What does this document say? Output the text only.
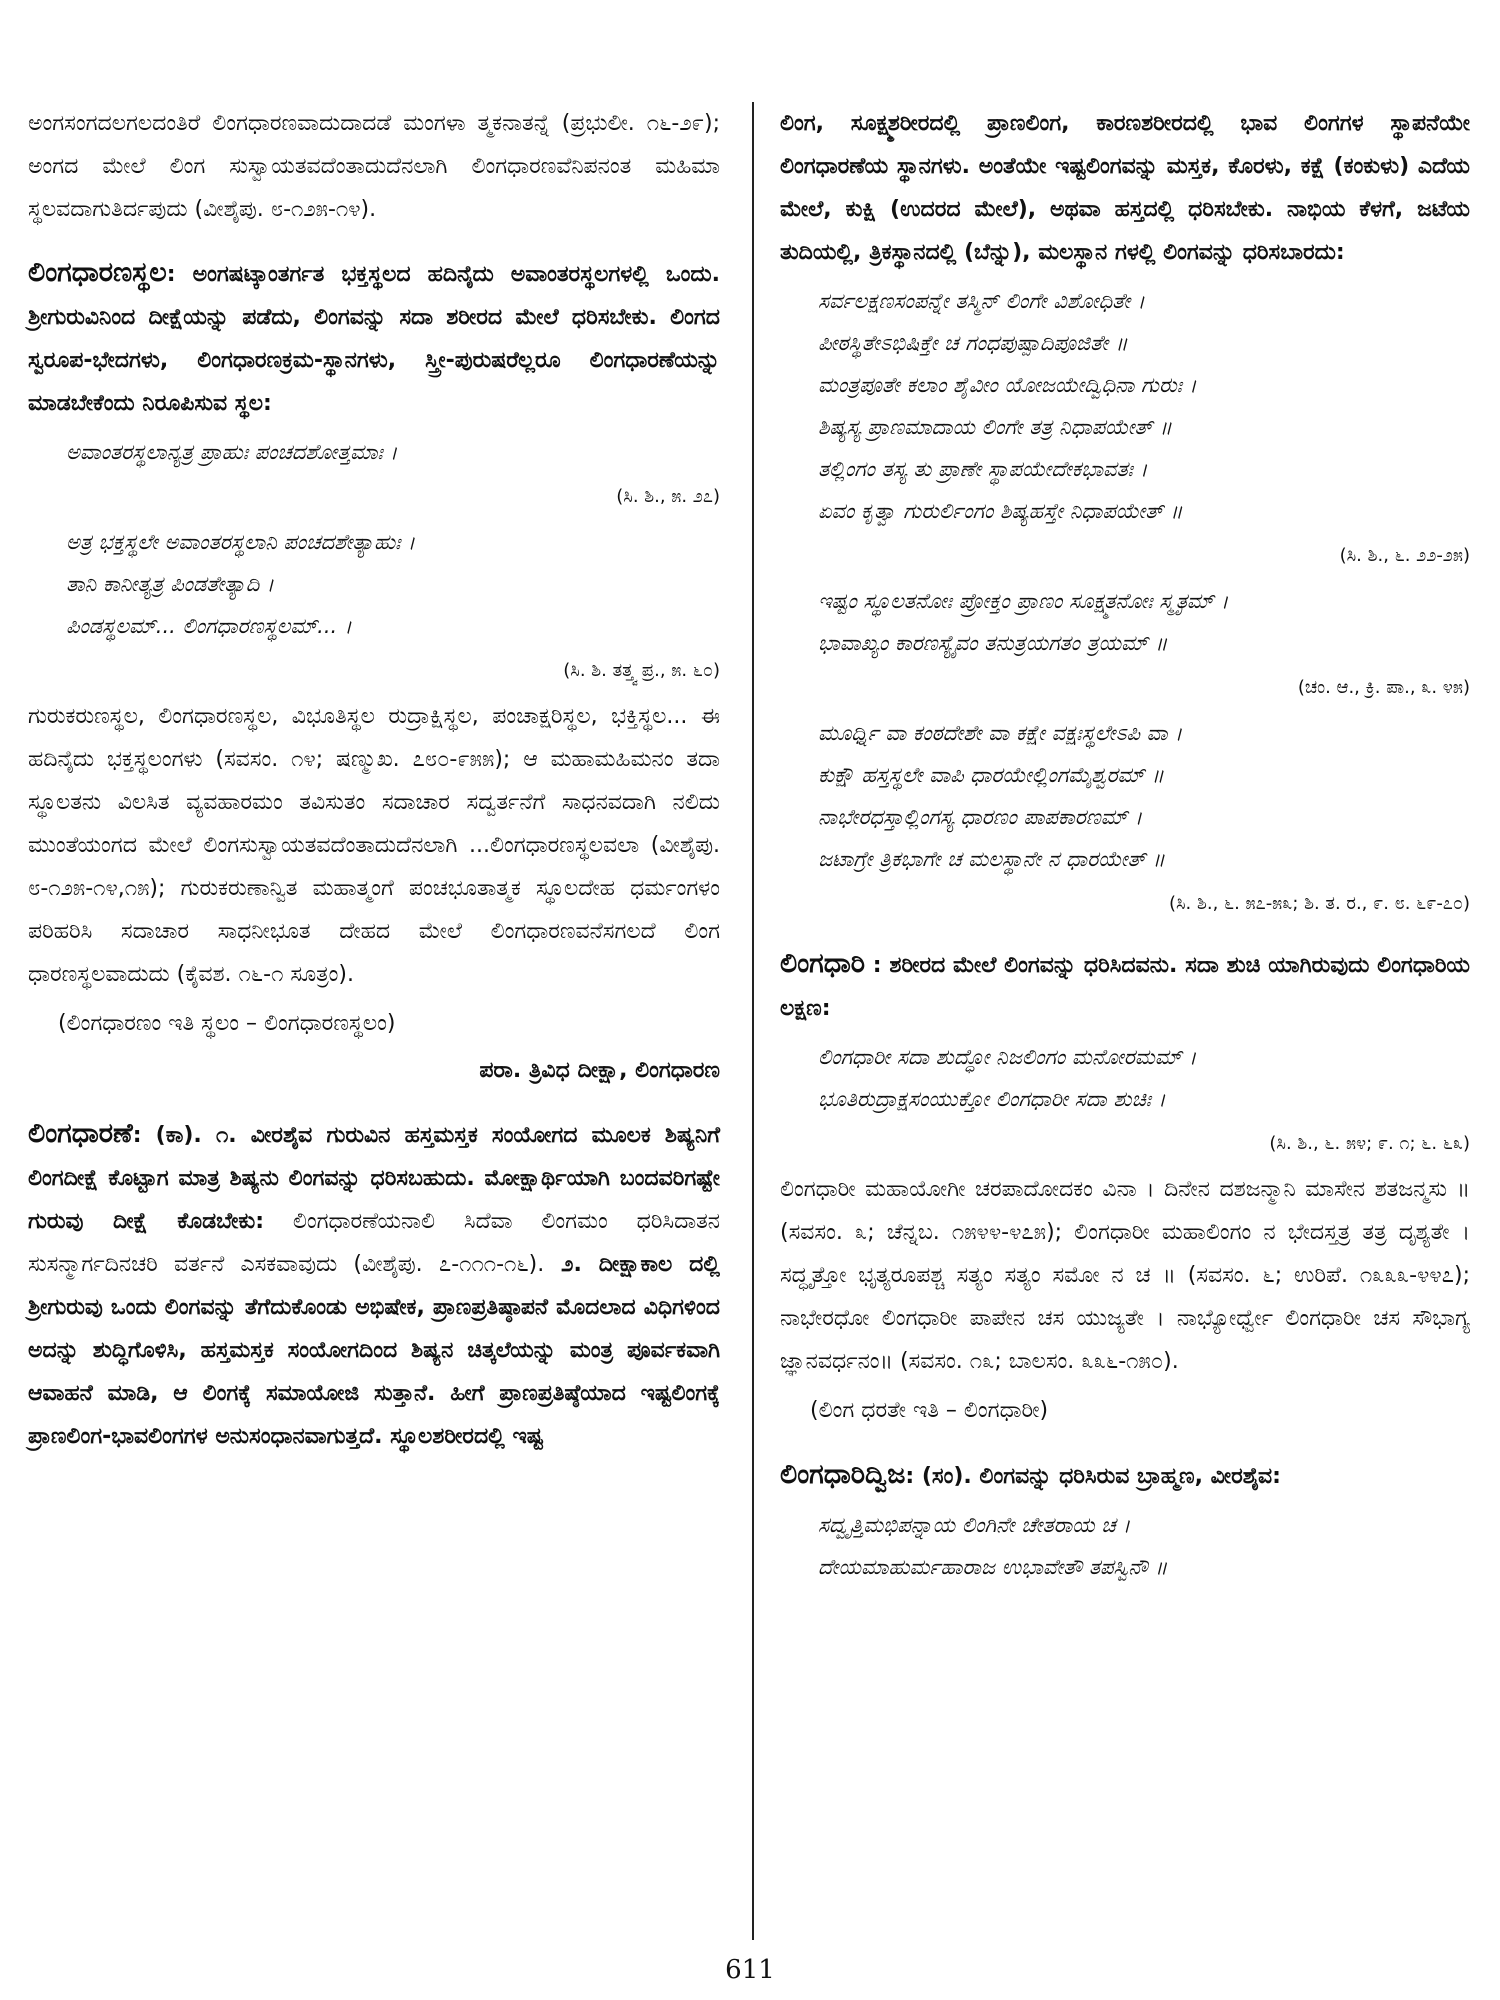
ಅಂಗಸಂಗದಲಗಲದಂತಿರೆ ಲಿಂಗಧಾರಣವಾದುದಾದಡೆ ಮಂಗಳಾ ತ್ಮಕನಾತನ್ನೆ (ಪ್ರಭುಲೀ. ೧೬-೨೯); ಅಂಗದ ಮೇಲೆ ಲಿಂಗ ಸುಸ್ವಾಯತವದೆಂತಾದುದೆನಲಾಗಿ ಲಿಂಗಧಾರಣವೆನಿಪನಂತ ಮಹಿಮಾ ಸ್ಥಲವದಾಗುತಿರ್ದಪುದು (ವೀಶೈಪು. ೮-೧೨೫-೧೪).

ಲಿಂಗಧಾರಣಸ್ಥಲ: ಅಂಗಷಟ್ಕಾಂತರ್ಗತ ಭಕ್ತಸ್ಥಲದ ಹದಿನೈದು ಅವಾಂತರಸ್ಥಲಗಳಲ್ಲಿ ಒಂದು. ಶ್ರೀಗುರುವಿನಿಂದ ದೀಕ್ಷೆಯನ್ನು ಪಡೆದು, ಲಿಂಗವನ್ನು ಸದಾ ಶರೀರದ ಮೇಲೆ ಧರಿಸಬೇಕು. ಲಿಂಗದ ಸ್ವರೂಪ-ಭೇದಗಳು, ಲಿಂಗಧಾರಣಕ್ರಮ-ಸ್ಥಾನಗಳು, ಸ್ತ್ರೀ-ಪುರುಷರೆಲ್ಲರೂ ಲಿಂಗಧಾರಣೆಯನ್ನು ಮಾಡಬೇಕೆಂದು ನಿರೂಪಿಸುವ ಸ್ಥಲ:

ಅವಾಂತರಸ್ಥಲಾನ್ಯತ್ರ ಪ್ರಾಹುಃ ಪಂಚದಶೋತ್ತಮಾಃ ।

(ಸಿ. ಶಿ., ೫. ೨೭)

ಅತ್ರ ಭಕ್ತಸ್ಥಲೇ ಅವಾಂತರಸ್ಥಲಾನಿ ಪಂಚದಶೇತ್ಯಾಹುಃ ।

ತಾನಿ ಕಾನೀತ್ಯತ್ರ ಪಿಂಡತೇತ್ಯಾದಿ ।

ಪಿಂಡಸ್ಥಲಮ್... ಲಿಂಗಧಾರಣಸ್ಥಲಮ್... ।

(ಸಿ. ಶಿ. ತತ್ತ್ವ ಪ್ರ., ೫. ೬೦)

ಗುರುಕರುಣಸ್ಥಲ, ಲಿಂಗಧಾರಣಸ್ಥಲ, ವಿಭೂತಿಸ್ಥಲ ರುದ್ರಾಕ್ಷಿಸ್ಥಲ, ಪಂಚಾಕ್ಷರಿಸ್ಥಲ, ಭಕ್ತಿಸ್ಥಲ... ಈ ಹದಿನೈದು ಭಕ್ತಸ್ಥಲಂಗಳು (ಸವಸಂ. ೧೪; ಷಣ್ಮುಖ. ೭೮೦-೯೫೫); ಆ ಮಹಾಮಹಿಮನಂ ತದಾ ಸ್ಥೂಲತನು ವಿಲಸಿತ ವ್ಯವಹಾರಮಂ ತವಿಸುತಂ ಸದಾಚಾರ ಸದ್ವರ್ತನೆಗೆ ಸಾಧನವದಾಗಿ ನಲಿದು ಮುಂತೆಯಂಗದ ಮೇಲೆ ಲಿಂಗಸುಸ್ವಾಯತವದೆಂತಾದುದೆನಲಾಗಿ ...ಲಿಂಗಧಾರಣಸ್ಥಲವಲಾ (ವೀಶೈಪು. ೮-೧೨೫-೧೪,೧೫); ಗುರುಕರುಣಾನ್ವಿತ ಮಹಾತ್ಮಂಗೆ ಪಂಚಭೂತಾತ್ಮಕ ಸ್ಥೂಲದೇಹ ಧರ್ಮಂಗಳಂ ಪರಿಹರಿಸಿ ಸದಾಚಾರ ಸಾಧನೀಭೂತ ದೇಹದ ಮೇಲೆ ಲಿಂಗಧಾರಣವನೆಸಗಲದೆ ಲಿಂಗ ಧಾರಣಸ್ಥಲವಾದುದು (ಕೈವಶ. ೧೬-೧ ಸೂತ್ರಂ).

(ಲಿಂಗಧಾರಣಂ ಇತಿ ಸ್ಥಲಂ – ಲಿಂಗಧಾರಣಸ್ಥಲಂ)

ಪರಾ. ತ್ರಿವಿಧ ದೀಕ್ಷಾ, ಲಿಂಗಧಾರಣ

ಲಿಂಗಧಾರಣೆ: (ಕಾ). ೧. ವೀರಶೈವ ಗುರುವಿನ ಹಸ್ತಮಸ್ತಕ ಸಂಯೋಗದ ಮೂಲಕ ಶಿಷ್ಯನಿಗೆ ಲಿಂಗದೀಕ್ಷೆ ಕೊಟ್ಟಾಗ ಮಾತ್ರ ಶಿಷ್ಯನು ಲಿಂಗವನ್ನು ಧರಿಸಬಹುದು. ಮೋಕ್ಷಾರ್ಥಿಯಾಗಿ ಬಂದವರಿಗಷ್ಟೇ ಗುರುವು ದೀಕ್ಷೆ ಕೊಡಬೇಕು: ಲಿಂಗಧಾರಣೆಯನಾಲಿ ಸಿದೆವಾ ಲಿಂಗಮಂ ಧರಿಸಿದಾತನ ಸುಸನ್ಮಾರ್ಗದಿನಚರಿ ವರ್ತನೆ ಎಸಕವಾವುದು (ವೀಶೈಪು. ೭-೧೧೧-೧೬). ೨. ದೀಕ್ಷಾಕಾಲ ದಲ್ಲಿ ಶ್ರೀಗುರುವು ಒಂದು ಲಿಂಗವನ್ನು ತೆಗೆದುಕೊಂಡು ಅಭಿಷೇಕ, ಪ್ರಾಣಪ್ರತಿಷ್ಠಾಪನೆ ಮೊದಲಾದ ವಿಧಿಗಳಿಂದ ಅದನ್ನು ಶುದ್ಧಿಗೊಳಿಸಿ, ಹಸ್ತಮಸ್ತಕ ಸಂಯೋಗದಿಂದ ಶಿಷ್ಯನ ಚಿತ್ಕಲೆಯನ್ನು ಮಂತ್ರ ಪೂರ್ವಕವಾಗಿ ಆವಾಹನೆ ಮಾಡಿ, ಆ ಲಿಂಗಕ್ಕೆ ಸಮಾಯೋಜಿ ಸುತ್ತಾನೆ. ಹೀಗೆ ಪ್ರಾಣಪ್ರತಿಷ್ಠೆಯಾದ ಇಷ್ಟಲಿಂಗಕ್ಕೆ ಪ್ರಾಣಲಿಂಗ-ಭಾವಲಿಂಗಗಳ ಅನುಸಂಧಾನವಾಗುತ್ತದೆ. ಸ್ಥೂಲಶರೀರದಲ್ಲಿ ಇಷ್ಟ

ಲಿಂಗ, ಸೂಕ್ಷ್ಮಶರೀರದಲ್ಲಿ ಪ್ರಾಣಲಿಂಗ, ಕಾರಣಶರೀರದಲ್ಲಿ ಭಾವ ಲಿಂಗಗಳ ಸ್ಥಾಪನೆಯೇ ಲಿಂಗಧಾರಣೆಯ ಸ್ಥಾನಗಳು. ಅಂತೆಯೇ ಇಷ್ಟಲಿಂಗವನ್ನು ಮಸ್ತಕ, ಕೊರಳು, ಕಕ್ಷೆ (ಕಂಕುಳು) ಎದೆಯ ಮೇಲೆ, ಕುಕ್ಷಿ (ಉದರದ ಮೇಲೆ), ಅಥವಾ ಹಸ್ತದಲ್ಲಿ ಧರಿಸಬೇಕು. ನಾಭಿಯ ಕೆಳಗೆ, ಜಟೆಯ ತುದಿಯಲ್ಲಿ, ತ್ರಿಕಸ್ಥಾನದಲ್ಲಿ (ಬೆನ್ನು), ಮಲಸ್ಥಾನ ಗಳಲ್ಲಿ ಲಿಂಗವನ್ನು ಧರಿಸಬಾರದು:

ಸರ್ವಲಕ್ಷಣಸಂಪನ್ನೇ ತಸ್ಮಿನ್ ಲಿಂಗೇ ವಿಶೋಧಿತೇ ।

ಪೀಠಸ್ಥಿತೇಽಭಿಷಿಕ್ತೇ ಚ ಗಂಧಪುಷ್ಪಾದಿಪೂಜಿತೇ ॥

ಮಂತ್ರಪೂತೇ ಕಲಾಂ ಶೈವೀಂ ಯೋಜಯೇದ್ವಿಧಿನಾ ಗುರುಃ ।

ಶಿಷ್ಯಸ್ಯ ಪ್ರಾಣಮಾದಾಯ ಲಿಂಗೇ ತತ್ರ ನಿಧಾಪಯೇತ್ ॥

ತಲ್ಲಿಂಗಂ ತಸ್ಯ ತು ಪ್ರಾಣೇ ಸ್ಥಾಪಯೇದೇಕಭಾವತಃ ।

ಏವಂ ಕೃತ್ವಾ ಗುರುರ್ಲಿಂಗಂ ಶಿಷ್ಯಹಸ್ತೇ ನಿಧಾಪಯೇತ್ ॥

(ಸಿ. ಶಿ., ೬. ೨೨-೨೫)

ಇಷ್ಟಂ ಸ್ಥೂಲತನೋಃ ಪ್ರೋಕ್ತಂ ಪ್ರಾಣಂ ಸೂಕ್ಷ್ಮತನೋಃ ಸ್ಮೃತಮ್ ।

ಭಾವಾಖ್ಯಂ ಕಾರಣಸ್ಯೈವಂ ತನುತ್ರಯಗತಂ ತ್ರಯಮ್ ॥

(ಚಂ. ಆ., ಕ್ರಿ. ಪಾ., ೩. ೪೫)

ಮೂರ್ಧ್ನಿ ವಾ ಕಂಠದೇಶೇ ವಾ ಕಕ್ಷೇ ವಕ್ಷಃಸ್ಥಲೇಽಪಿ ವಾ ।

ಕುಕ್ಷೌ ಹಸ್ತಸ್ಥಲೇ ವಾಪಿ ಧಾರಯೇಲ್ಲಿಂಗಮೈಶ್ವರಮ್ ॥

ನಾಭೇರಧಸ್ತಾಲ್ಲಿಂಗಸ್ಯ ಧಾರಣಂ ಪಾಪಕಾರಣಮ್ ।

ಜಟಾಗ್ರೇ ತ್ರಿಕಭಾಗೇ ಚ ಮಲಸ್ಥಾನೇ ನ ಧಾರಯೇತ್ ॥

(ಸಿ. ಶಿ., ೬. ೫೭-೫೩; ಶಿ. ತ. ರ., ೯. ೮. ೬೯-೭೦)

ಲಿಂಗಧಾರಿ : ಶರೀರದ ಮೇಲೆ ಲಿಂಗವನ್ನು ಧರಿಸಿದವನು. ಸದಾ ಶುಚಿ ಯಾಗಿರುವುದು ಲಿಂಗಧಾರಿಯ ಲಕ್ಷಣ:

ಲಿಂಗಧಾರೀ ಸದಾ ಶುದ್ಧೋ ನಿಜಲಿಂಗಂ ಮನೋರಮಮ್ ।

ಭೂತಿರುದ್ರಾಕ್ಷಸಂಯುಕ್ತೋ ಲಿಂಗಧಾರೀ ಸದಾ ಶುಚಿಃ ।

(ಸಿ. ಶಿ., ೬. ೫೪; ೯. ೧; ೬. ೬೩)

ಲಿಂಗಧಾರೀ ಮಹಾಯೋಗೀ ಚರಪಾದೋದಕಂ ವಿನಾ । ದಿನೇನ ದಶಜನ್ಮಾನಿ ಮಾಸೇನ ಶತಜನ್ಮಸು ॥ (ಸವಸಂ. ೩; ಚೆನ್ನಬ. ೧೫೪೪-೪೭೫); ಲಿಂಗಧಾರೀ ಮಹಾಲಿಂಗಂ ನ ಭೇದಸ್ತತ್ರ ತತ್ರ ದೃಶ್ಯತೇ । ಸದ್ಧೃತ್ತೋ ಭೃತ್ಯರೂಪಶ್ಚ ಸತ್ಯಂ ಸತ್ಯಂ ಸಮೋ ನ ಚ ॥ (ಸವಸಂ. ೬; ಉರಿಪೆ. ೧೩೩೩-೪೪೭); ನಾಭೇರಧೋ ಲಿಂಗಧಾರೀ ಪಾಪೇನ ಚಸ ಯುಜ್ಯತೇ । ನಾಭ್ಯೋರ್ಧ್ವೇ ಲಿಂಗಧಾರೀ ಚಸ ಸೌಭಾಗ್ಯ ಜ್ಞಾನವರ್ಧನಂ॥ (ಸವಸಂ. ೧೩; ಬಾಲಸಂ. ೩೩೬-೧೫೦).

(ಲಿಂಗ ಧರತೇ ಇತಿ – ಲಿಂಗಧಾರೀ)

ಲಿಂಗಧಾರಿದ್ವಿಜ: (ಸಂ). ಲಿಂಗವನ್ನು ಧರಿಸಿರುವ ಬ್ರಾಹ್ಮಣ, ವೀರಶೈವ:

ಸದ್ವೃತ್ತಿಮಭಿಪನ್ನಾಯ ಲಿಂಗಿನೇ ಚೇತರಾಯ ಚ ।

ದೇಯಮಾಹುರ್ಮಹಾರಾಜ ಉಭಾವೇತೌ ತಪಸ್ವಿನೌ ॥

611
